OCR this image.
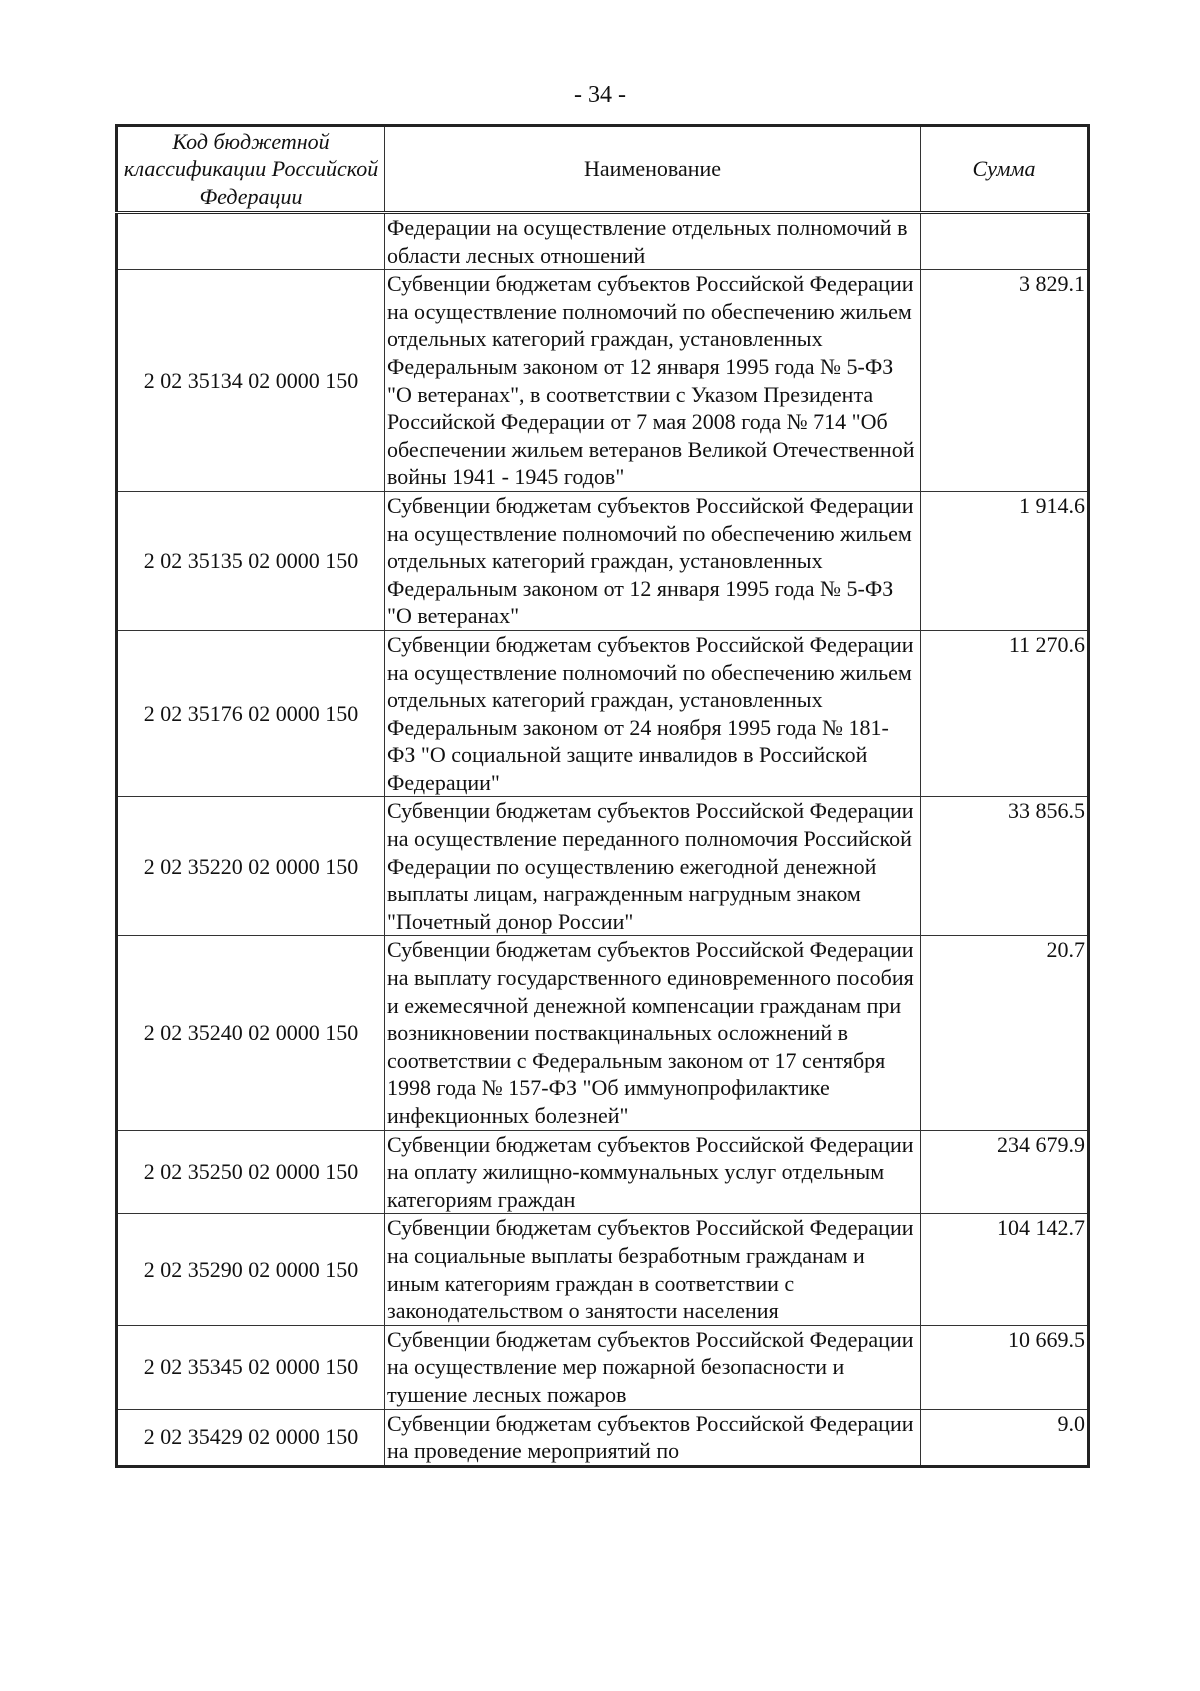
- 34 -
Код бюджетной классификации Российской Федерации	Наименование	Сумма
	Федерации на осуществление отдельных полномочий в области лесных отношений	
2 02 35134 02 0000 150	Субвенции бюджетам субъектов Российской Федерации на осуществление полномочий по обеспечению жильем отдельных категорий граждан, установленных Федеральным законом от 12 января 1995 года № 5-ФЗ "О ветеранах", в соответствии с Указом Президента Российской Федерации от 7 мая 2008 года № 714 "Об обеспечении жильем ветеранов Великой Отечественной войны 1941 - 1945 годов"	3 829.1
2 02 35135 02 0000 150	Субвенции бюджетам субъектов Российской Федерации на осуществление полномочий по обеспечению жильем отдельных категорий граждан, установленных Федеральным законом от 12 января 1995 года № 5-ФЗ "О ветеранах"	1 914.6
2 02 35176 02 0000 150	Субвенции бюджетам субъектов Российской Федерации на осуществление полномочий по обеспечению жильем отдельных категорий граждан, установленных Федеральным законом от 24 ноября 1995 года № 181-ФЗ "О социальной защите инвалидов в Российской Федерации"	11 270.6
2 02 35220 02 0000 150	Субвенции бюджетам субъектов Российской Федерации на осуществление переданного полномочия Российской Федерации по осуществлению ежегодной денежной выплаты лицам, награжденным нагрудным знаком "Почетный донор России"	33 856.5
2 02 35240 02 0000 150	Субвенции бюджетам субъектов Российской Федерации на выплату государственного единовременного пособия и ежемесячной денежной компенсации гражданам при возникновении поствакцинальных осложнений в соответствии с Федеральным законом от 17 сентября 1998 года № 157-ФЗ "Об иммунопрофилактике инфекционных болезней"	20.7
2 02 35250 02 0000 150	Субвенции бюджетам субъектов Российской Федерации на оплату жилищно-коммунальных услуг отдельным категориям граждан	234 679.9
2 02 35290 02 0000 150	Субвенции бюджетам субъектов Российской Федерации на социальные выплаты безработным гражданам и иным категориям граждан в соответствии с законодательством о занятости населения	104 142.7
2 02 35345 02 0000 150	Субвенции бюджетам субъектов Российской Федерации на осуществление мер пожарной безопасности и тушение лесных пожаров	10 669.5
2 02 35429 02 0000 150	Субвенции бюджетам субъектов Российской Федерации на проведение мероприятий по	9.0
